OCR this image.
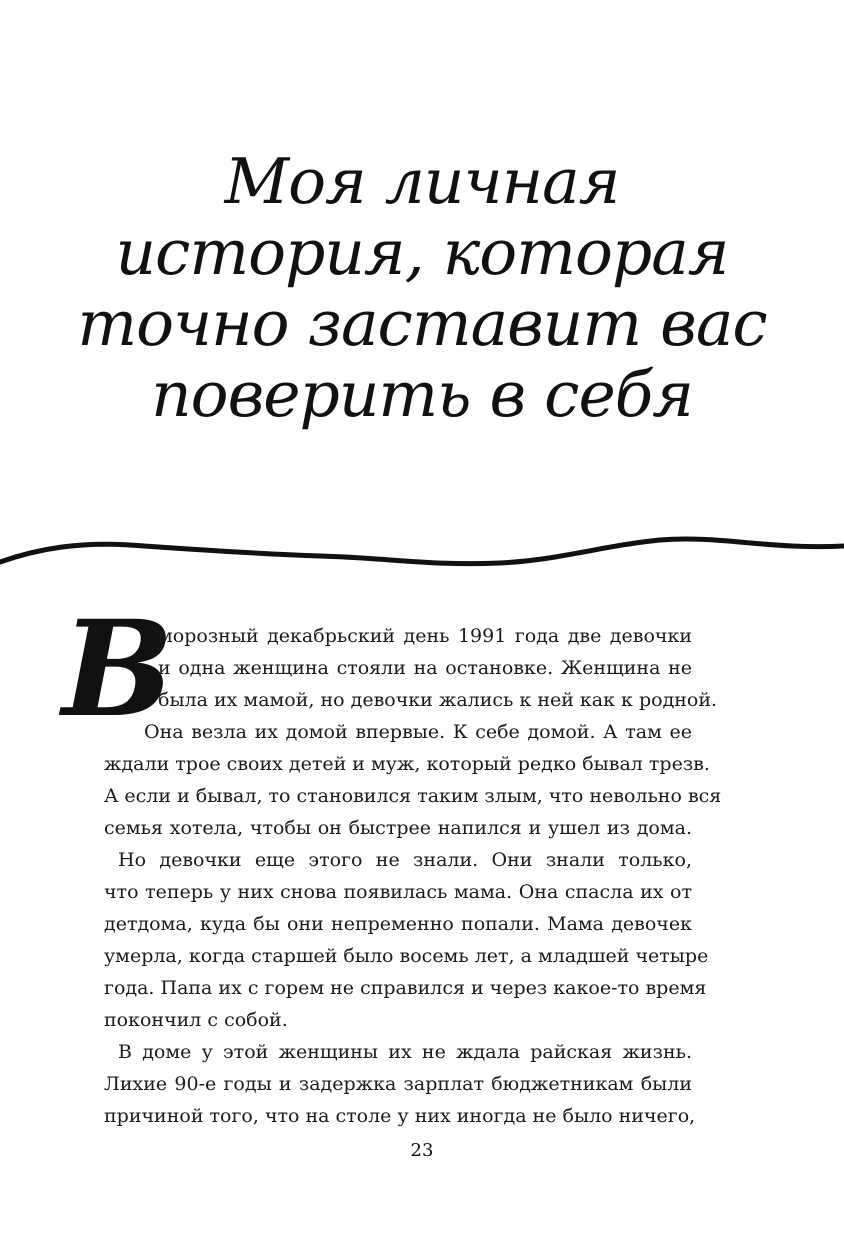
Моя личная
история, которая
точно заставит вас
поверить в себя
В
морозный декабрьский день 1991 года две девочки
и одна женщина стояли на остановке. Женщина не
была их мамой, но девочки жались к ней как к родной.
Она везла их домой впервые. К себе домой. А там ее
ждали трое своих детей и муж, который редко бывал трезв.
А если и бывал, то становился таким злым, что невольно вся
семья хотела, чтобы он быстрее напился и ушел из дома.
Но девочки еще этого не знали. Они знали только,
что теперь у них снова появилась мама. Она спасла их от
детдома, куда бы они непременно попали. Мама девочек
умерла, когда старшей было восемь лет, а младшей четыре
года. Папа их с горем не справился и через какое-то время
покончил с собой.
В доме у этой женщины их не ждала райская жизнь.
Лихие 90-е годы и задержка зарплат бюджетникам были
причиной того, что на столе у них иногда не было ничего,
23
